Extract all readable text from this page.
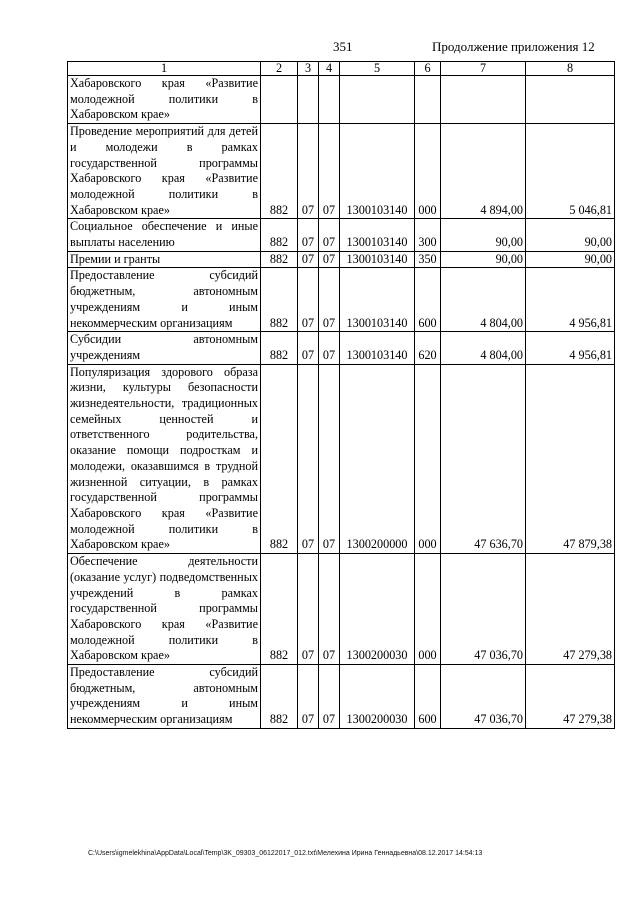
351	Продолжение приложения 12
1	2	3	4	5	6	7	8
Хабаровского края «Развитие молодежной политики в Хабаровском крае»							
Проведение мероприятий для детей и молодежи в рамках государственной программы Хабаровского края «Развитие молодежной политики в Хабаровском крае»	882	07	07	1300103140	000	4 894,00	5 046,81
Социальное обеспечение и иные выплаты населению	882	07	07	1300103140	300	90,00	90,00
Премии и гранты	882	07	07	1300103140	350	90,00	90,00
Предоставление субсидий бюджетным, автономным учреждениям и иным некоммерческим организациям	882	07	07	1300103140	600	4 804,00	4 956,81
Субсидии автономным учреждениям	882	07	07	1300103140	620	4 804,00	4 956,81
Популяризация здорового образа жизни, культуры безопасности жизнедеятельности, традиционных семейных ценностей и ответственного родительства, оказание помощи подросткам и молодежи, оказавшимся в трудной жизненной ситуации, в рамках государственной программы Хабаровского края «Развитие молодежной политики в Хабаровском крае»	882	07	07	1300200000	000	47 636,70	47 879,38
Обеспечение деятельности (оказание услуг) подведомственных учреждений в рамках государственной программы Хабаровского края «Развитие молодежной политики в Хабаровском крае»	882	07	07	1300200030	000	47 036,70	47 279,38
Предоставление субсидий бюджетным, автономным учреждениям и иным некоммерческим организациям	882	07	07	1300200030	600	47 036,70	47 279,38
C:\Users\igmelekhina\AppData\Local\Temp\3K_09303_06122017_012.txt\Мелехина Ирина Геннадьевна\08.12.2017 14:54:13
